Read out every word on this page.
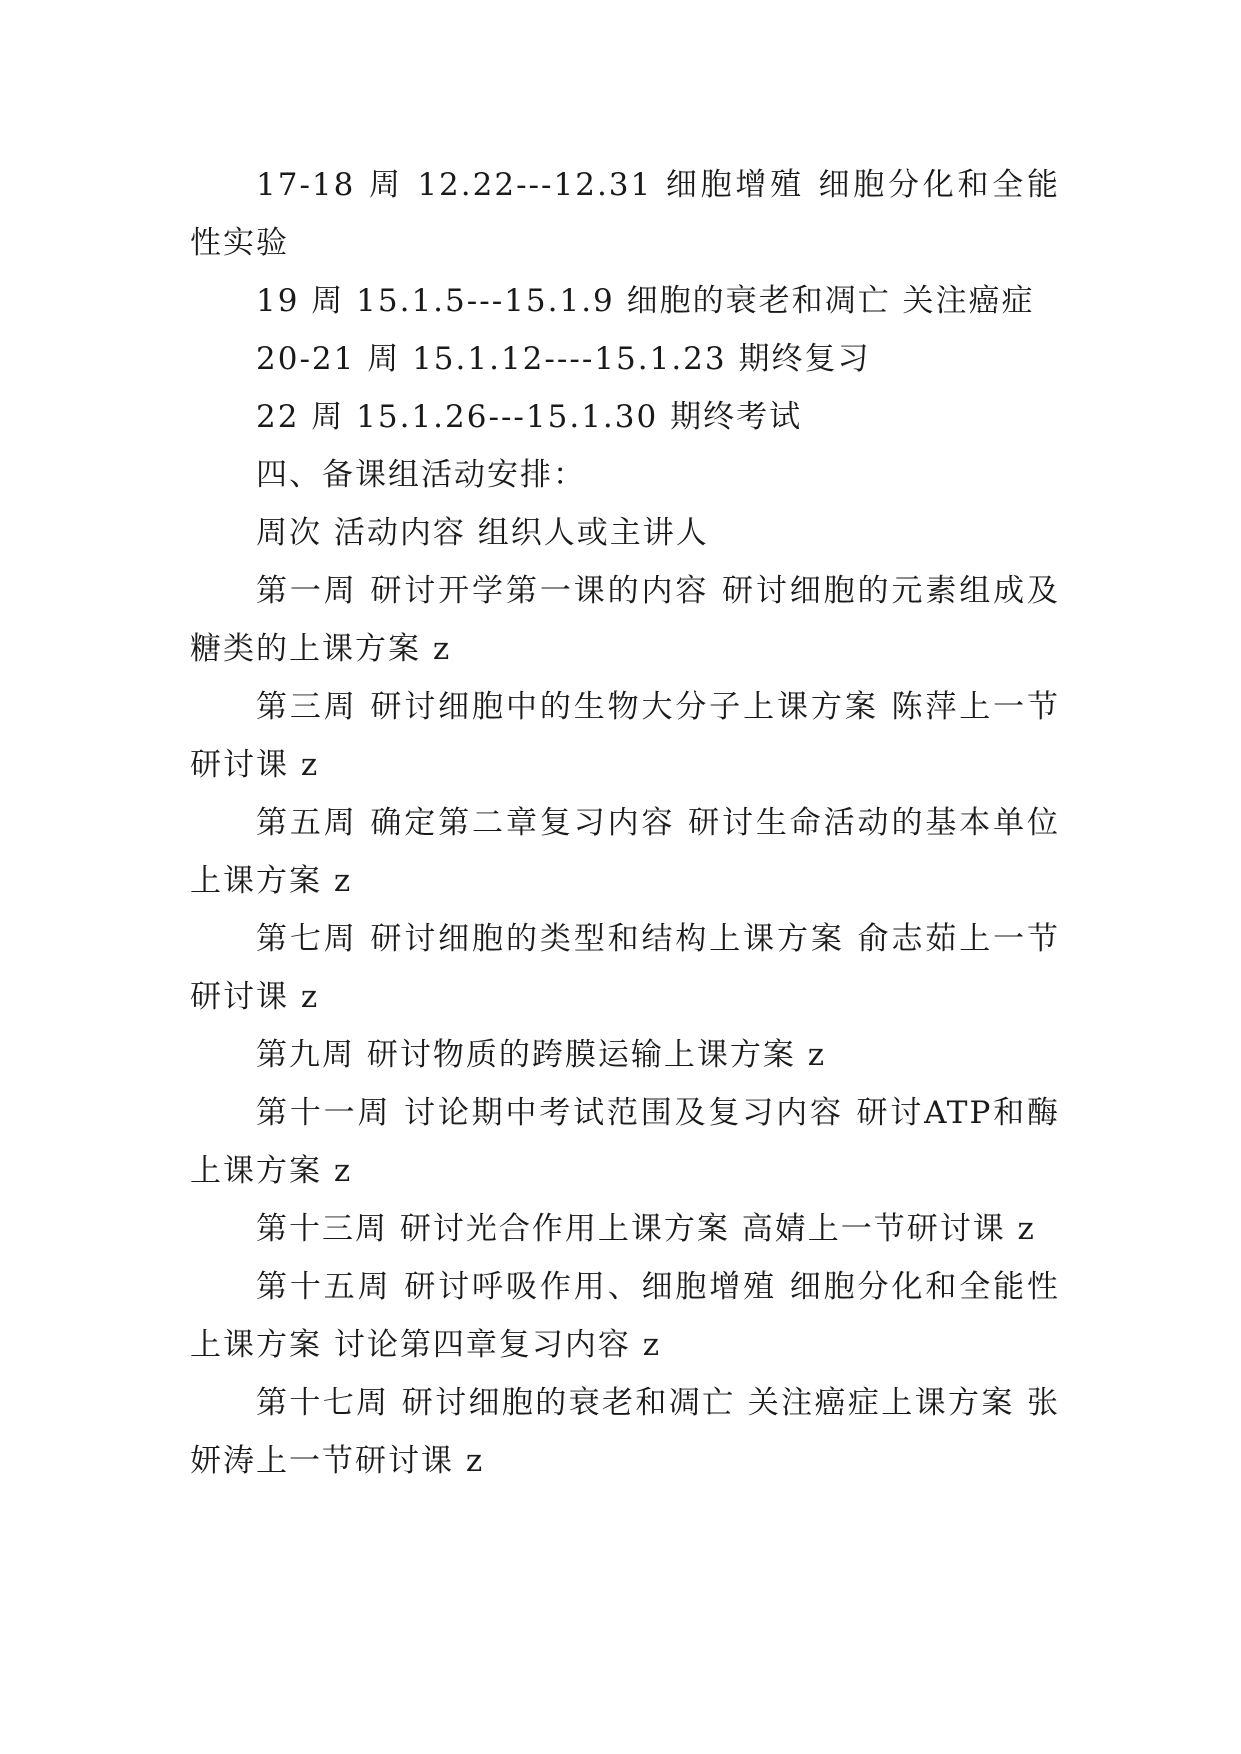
17-18 周 12.22---12.31 细胞增殖 细胞分化和全能性实验

19 周 15.1.5---15.1.9 细胞的衰老和凋亡 关注癌症

20-21 周 15.1.12----15.1.23 期终复习

22 周 15.1.26---15.1.30 期终考试

四、备课组活动安排：

周次 活动内容 组织人或主讲人

第一周 研讨开学第一课的内容 研讨细胞的元素组成及糖类的上课方案 z

第三周 研讨细胞中的生物大分子上课方案 陈萍上一节研讨课 z

第五周 确定第二章复习内容 研讨生命活动的基本单位上课方案 z

第七周 研讨细胞的类型和结构上课方案 俞志茹上一节研讨课 z

第九周 研讨物质的跨膜运输上课方案 z

第十一周 讨论期中考试范围及复习内容 研讨ATP和酶上课方案 z

第十三周 研讨光合作用上课方案 高婧上一节研讨课 z

第十五周 研讨呼吸作用、细胞增殖 细胞分化和全能性上课方案 讨论第四章复习内容 z

第十七周 研讨细胞的衰老和凋亡 关注癌症上课方案 张妍涛上一节研讨课 z
